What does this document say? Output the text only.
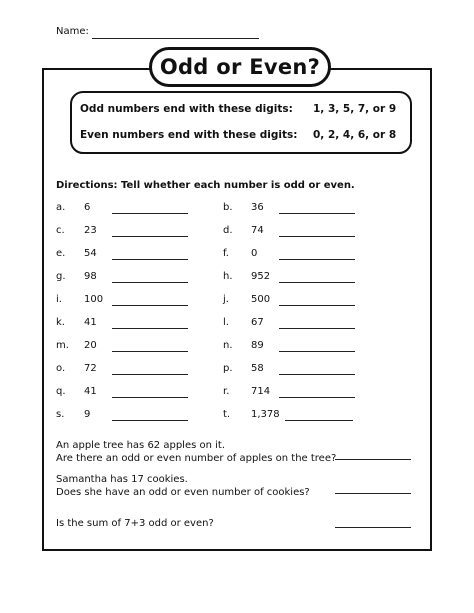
Name:
Odd or Even?
Odd numbers end with these digits: 1, 3, 5, 7, or 9
Even numbers end with these digits: 0, 2, 4, 6, or 8
Directions: Tell whether each number is odd or even.
a. 6
c. 23
e. 54
g. 98
i. 100
k. 41
m. 20
o. 72
q. 41
s. 9
b. 36
d. 74
f. 0
h. 952
j. 500
l. 67
n. 89
p. 58
r. 714
t. 1,378
An apple tree has 62 apples on it.
Are there an odd or even number of apples on the tree?
Samantha has 17 cookies.
Does she have an odd or even number of cookies?
Is the sum of 7+3 odd or even?
